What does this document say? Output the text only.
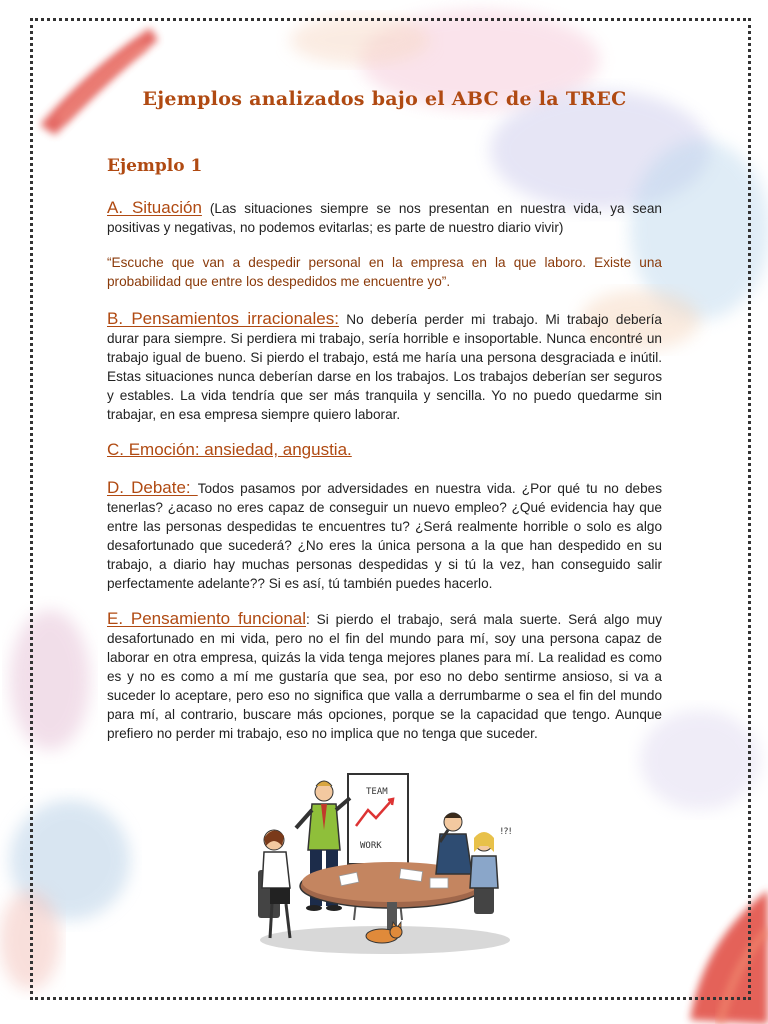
Ejemplos analizados bajo el ABC de la TREC
Ejemplo 1

A. Situación (Las situaciones siempre se nos presentan en nuestra vida, ya sean positivas y negativas, no podemos evitarlas; es parte de nuestro diario vivir)

“Escuche que van a despedir personal en la empresa en la que laboro. Existe una probabilidad que entre los despedidos me encuentre yo”.

B. Pensamientos irracionales: No debería perder mi trabajo. Mi trabajo debería durar para siempre. Si perdiera mi trabajo, sería horrible e insoportable. Nunca encontré un trabajo igual de bueno. Si pierdo el trabajo, está me haría una persona desgraciada e inútil. Estas situaciones nunca deberían darse en los trabajos. Los trabajos deberían ser seguros y estables. La vida tendría que ser más tranquila y sencilla. Yo no puedo quedarme sin trabajar, en esa empresa siempre quiero laborar.

C. Emoción: ansiedad, angustia.

D. Debate: Todos pasamos por adversidades en nuestra vida. ¿Por qué tu no debes tenerlas? ¿acaso no eres capaz de conseguir un nuevo empleo? ¿Qué evidencia hay que entre las personas despedidas te encuentres tu? ¿Será realmente horrible o solo es algo desafortunado que sucederá? ¿No eres la única persona a la que han despedido en su trabajo, a diario hay muchas personas despedidas y si tú la vez, han conseguido salir perfectamente adelante?? Si es así, tú también puedes hacerlo.

E. Pensamiento funcional: Si pierdo el trabajo, será mala suerte. Será algo muy desafortunado en mi vida, pero no el fin del mundo para mí, soy una persona capaz de laborar en otra empresa, quizás la vida tenga mejores planes para mí. La realidad es como es y no es como a mí me gustaría que sea, por eso no debo sentirme ansioso, si va a suceder lo aceptare, pero eso no significa que valla a derrumbarme o sea el fin del mundo para mí, al contrario, buscare más opciones, porque se la capacidad que tengo. Aunque prefiero no perder mi trabajo, eso no implica que no tenga que suceder.

TEAM
WORK
!?!
